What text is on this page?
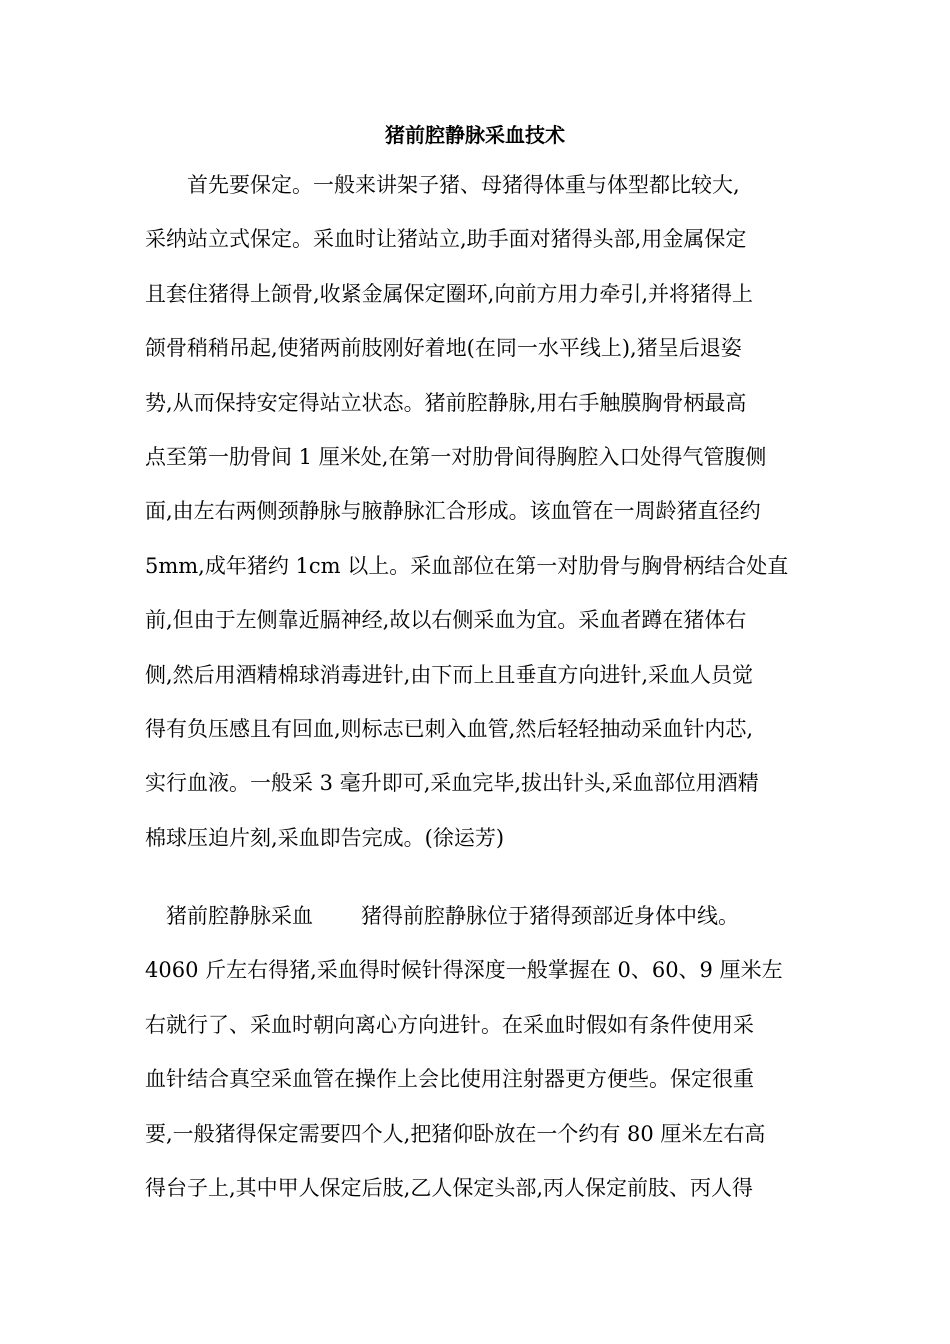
猪前腔静脉采血技术
　　首先要保定。一般来讲架子猪、母猪得体重与体型都比较大,
采纳站立式保定。采血时让猪站立,助手面对猪得头部,用金属保定
且套住猪得上颌骨,收紧金属保定圈环,向前方用力牵引,并将猪得上
颌骨稍稍吊起,使猪两前肢刚好着地(在同一水平线上),猪呈后退姿
势,从而保持安定得站立状态。猪前腔静脉,用右手触膜胸骨柄最高
点至第一肋骨间 1 厘米处,在第一对肋骨间得胸腔入口处得气管腹侧
面,由左右两侧颈静脉与腋静脉汇合形成。该血管在一周龄猪直径约
5mm,成年猪约 1cm 以上。采血部位在第一对肋骨与胸骨柄结合处直
前,但由于左侧靠近膈神经,故以右侧采血为宜。采血者蹲在猪体右
侧,然后用酒精棉球消毒进针,由下而上且垂直方向进针,采血人员觉
得有负压感且有回血,则标志已刺入血管,然后轻轻抽动采血针内芯,
实行血液。一般采 3 毫升即可,采血完毕,拔出针头,采血部位用酒精
棉球压迫片刻,采血即告完成。(徐运芳)
　猪前腔静脉采血 猪得前腔静脉位于猪得颈部近身体中线。
4060 斤左右得猪,采血得时候针得深度一般掌握在 0、60、9 厘米左
右就行了、采血时朝向离心方向进针。在采血时假如有条件使用采
血针结合真空采血管在操作上会比使用注射器更方便些。保定很重
要,一般猪得保定需要四个人,把猪仰卧放在一个约有 80 厘米左右高
得台子上,其中甲人保定后肢,乙人保定头部,丙人保定前肢、丙人得
